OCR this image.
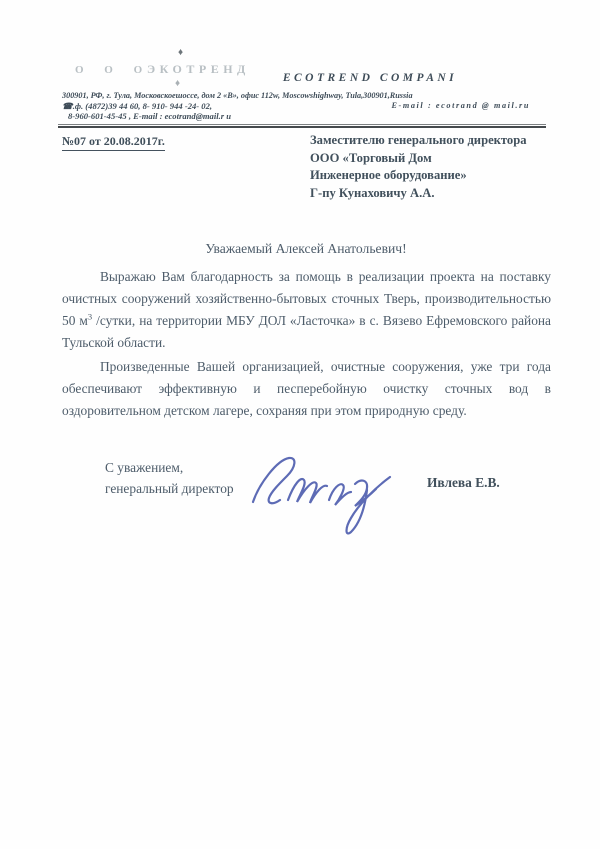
О О О
ЭКОТРЕНД
♦
♦	ECOTREND COMPANI
300901, РФ, г. Тула, Московскоешоссе, дом 2 «В», офис 112w, Moscowshighway, Tula,300901,Russia
☎.ф. (4872)39 44 60, 8- 910- 944 -24- 02,	E-mail : ecotrand @ mail.ru
8-960-601-45-45 , E-mail : ecotrand@mail.r u
№07 от 20.08.2017г.	Заместителю генерального директора
ООО «Торговый Дом
Инженерное оборудование»
Г-пу Кунаховичу А.А.
Уважаемый Алексей Анатольевич!

Выражаю Вам благодарность за помощь в реализации проекта на поставку очистных сооружений хозяйственно-бытовых сточных Тверь, производительностью 50 $м^3$ /сутки, на территории МБУ ДОЛ «Ласточка» в с. Вязево Ефремовского района Тульской области.

Произведенные Вашей организацией, очистные сооружения, уже три года обеспечивают эффективную и песперебойную очистку сточных вод в оздоровительном детском лагере, сохраняя при этом природную среду.

С уважением,
генеральный директор	Ивлева Е.В.
